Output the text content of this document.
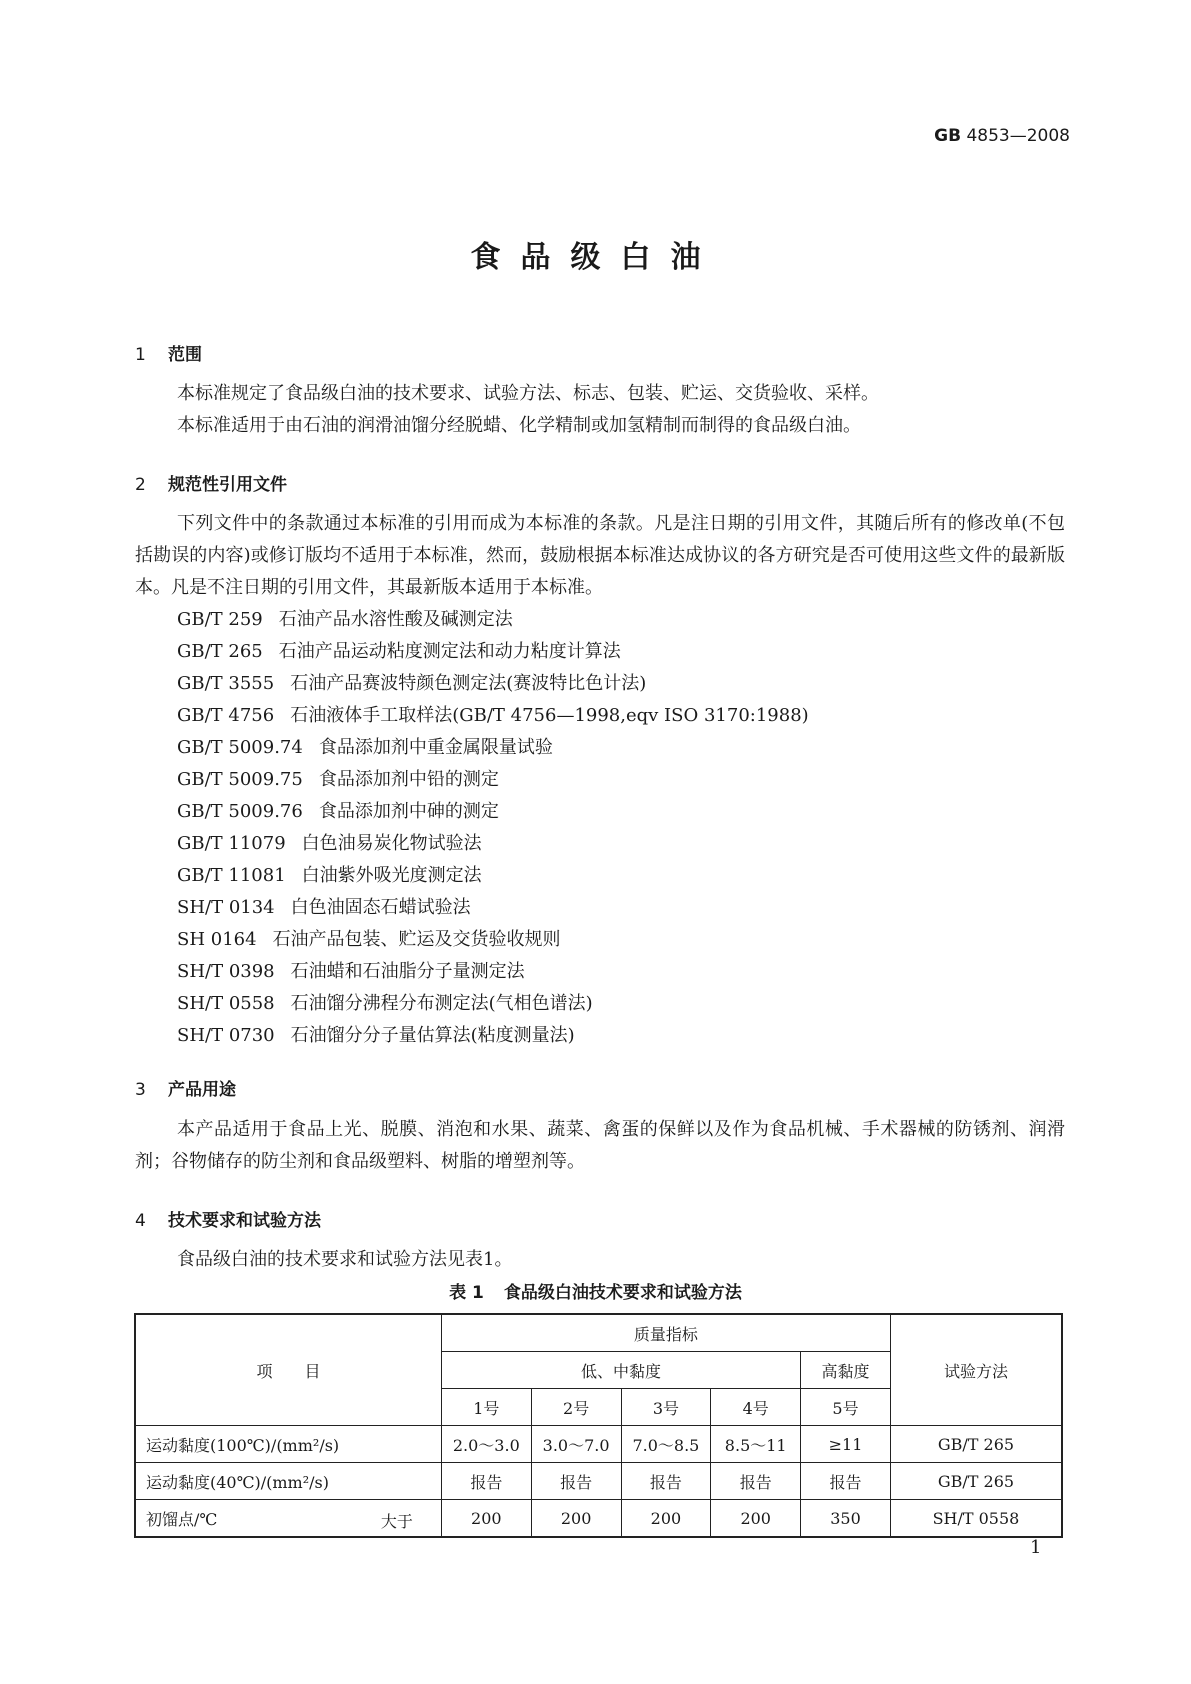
GB 4853—2008
食品级白油
1 范围
本标准规定了食品级白油的技术要求、试验方法、标志、包装、贮运、交货验收、采样。
本标准适用于由石油的润滑油馏分经脱蜡、化学精制或加氢精制而制得的食品级白油。
2 规范性引用文件
下列文件中的条款通过本标准的引用而成为本标准的条款。凡是注日期的引用文件，其随后所有的修改单(不包括勘误的内容)或修订版均不适用于本标准，然而，鼓励根据本标准达成协议的各方研究是否可使用这些文件的最新版本。凡是不注日期的引用文件，其最新版本适用于本标准。
GB/T 259 石油产品水溶性酸及碱测定法
GB/T 265 石油产品运动粘度测定法和动力粘度计算法
GB/T 3555 石油产品赛波特颜色测定法(赛波特比色计法)
GB/T 4756 石油液体手工取样法(GB/T 4756—1998,eqv ISO 3170:1988)
GB/T 5009.74 食品添加剂中重金属限量试验
GB/T 5009.75 食品添加剂中铅的测定
GB/T 5009.76 食品添加剂中砷的测定
GB/T 11079 白色油易炭化物试验法
GB/T 11081 白油紫外吸光度测定法
SH/T 0134 白色油固态石蜡试验法
SH 0164 石油产品包装、贮运及交货验收规则
SH/T 0398 石油蜡和石油脂分子量测定法
SH/T 0558 石油馏分沸程分布测定法(气相色谱法)
SH/T 0730 石油馏分分子量估算法(粘度测量法)
3 产品用途
本产品适用于食品上光、脱膜、消泡和水果、蔬菜、禽蛋的保鲜以及作为食品机械、手术器械的防锈剂、润滑剂；谷物储存的防尘剂和食品级塑料、树脂的增塑剂等。
4 技术要求和试验方法
食品级白油的技术要求和试验方法见表1。
表 1 食品级白油技术要求和试验方法
项　　目	质量指标					试验方法
	低、中黏度				高黏度	
	1号	2号	3号	4号	5号	
运动黏度(100℃)/(mm²/s)	2.0～3.0	3.0～7.0	7.0～8.5	8.5～11	≥11	GB/T 265
运动黏度(40℃)/(mm²/s)	报告	报告	报告	报告	报告	GB/T 265
初馏点/℃ 大于	200	200	200	200	350	SH/T 0558
1
